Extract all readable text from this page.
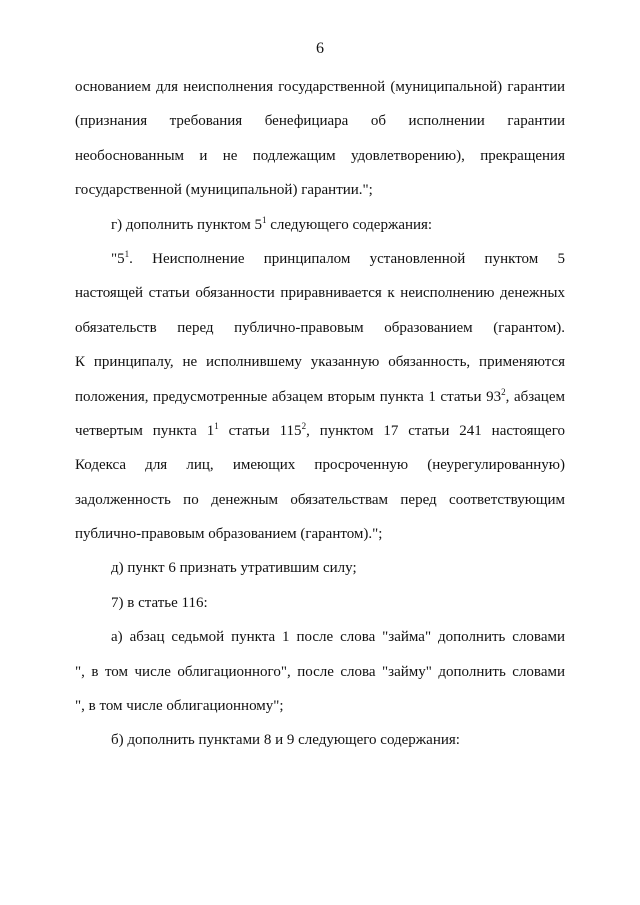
6
основанием для неисполнения государственной (муниципальной) гарантии
(признания требования бенефициара об исполнении гарантии
необоснованным и не подлежащим удовлетворению), прекращения
государственной (муниципальной) гарантии.";
г) дополнить пунктом $5^1$ следующего содержания:
"$5^1$. Неисполнение принципалом установленной пунктом 5
настоящей статьи обязанности приравнивается к неисполнению денежных
обязательств перед публично-правовым образованием (гарантом).
К принципалу, не исполнившему указанную обязанность, применяются
положения, предусмотренные абзацем вторым пункта 1 статьи $93^2$, абзацем
четвертым пункта $1^1$ статьи $115^2$, пунктом 17 статьи 241 настоящего
Кодекса для лиц, имеющих просроченную (неурегулированную)
задолженность по денежным обязательствам перед соответствующим
публично-правовым образованием (гарантом).";
д) пункт 6 признать утратившим силу;
7) в статье 116:
а) абзац седьмой пункта 1 после слова "займа" дополнить словами
", в том числе облигационного", после слова "займу" дополнить словами
", в том числе облигационному";
б) дополнить пунктами 8 и 9 следующего содержания:
